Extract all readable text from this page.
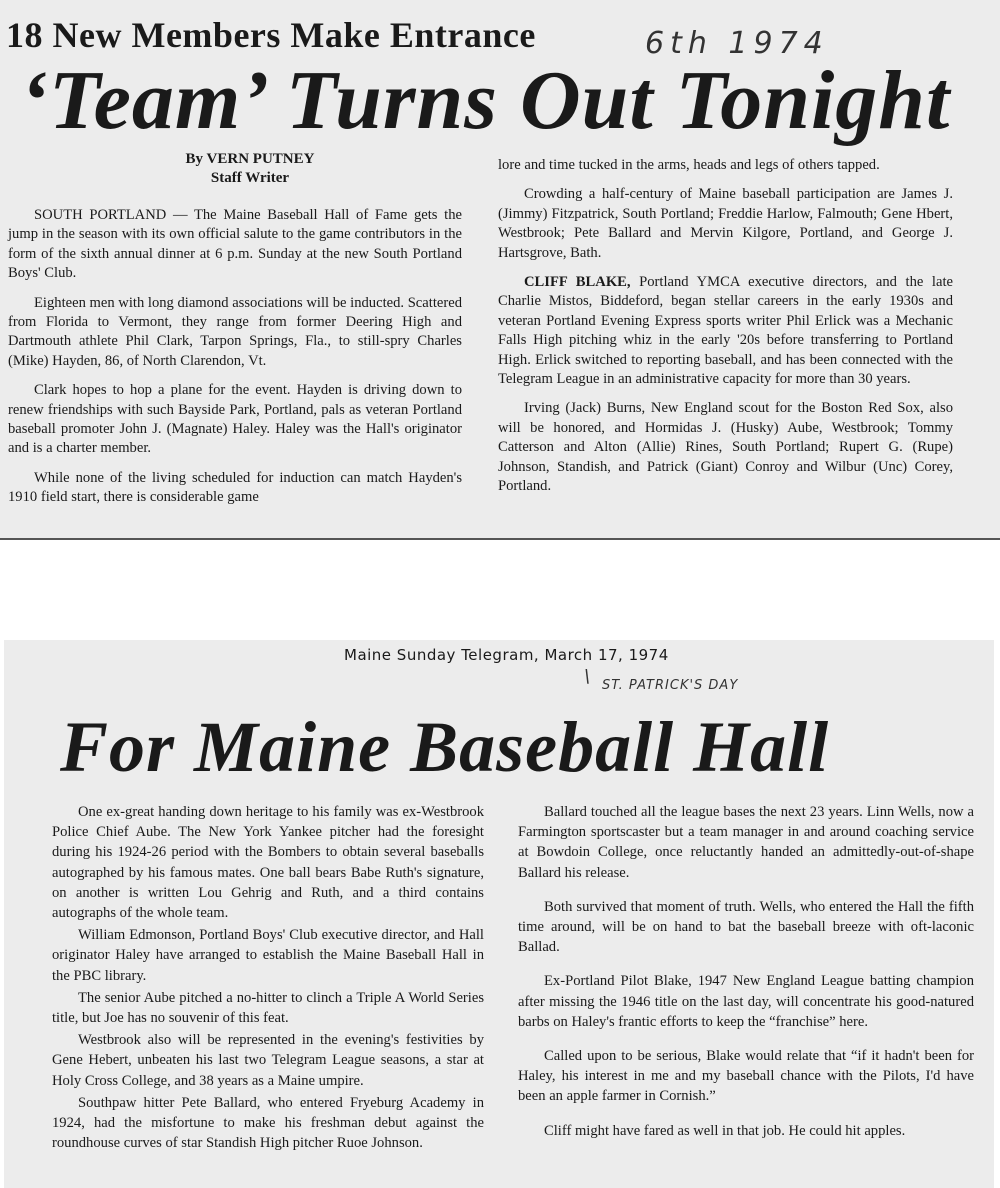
18 New Members Make Entrance	6th 1974
‘Team’ Turns Out Tonight
By VERN PUTNEY
Staff Writer

SOUTH PORTLAND — The Maine Baseball Hall of Fame gets the jump in the season with its own official salute to the game contributors in the form of the sixth annual dinner at 6 p.m. Sunday at the new South Portland Boys' Club.

Eighteen men with long diamond associations will be inducted. Scattered from Florida to Vermont, they range from former Deering High and Dartmouth athlete Phil Clark, Tarpon Springs, Fla., to still-spry Charles (Mike) Hayden, 86, of North Clarendon, Vt.

Clark hopes to hop a plane for the event. Hayden is driving down to renew friendships with such Bayside Park, Portland, pals as veteran Portland baseball promoter John J. (Magnate) Haley. Haley was the Hall's originator and is a charter member.

While none of the living scheduled for induction can match Hayden's 1910 field start, there is considerable game

lore and time tucked in the arms, heads and legs of others tapped.

Crowding a half-century of Maine baseball participation are James J. (Jimmy) Fitzpatrick, South Portland; Freddie Harlow, Falmouth; Gene Hbert, Westbrook; Pete Ballard and Mervin Kilgore, Portland, and George J. Hartsgrove, Bath.

CLIFF BLAKE, Portland YMCA executive directors, and the late Charlie Mistos, Biddeford, began stellar careers in the early 1930s and veteran Portland Evening Express sports writer Phil Erlick was a Mechanic Falls High pitching whiz in the early '20s before transferring to Portland High. Erlick switched to reporting baseball, and has been connected with the Telegram League in an administrative capacity for more than 30 years.

Irving (Jack) Burns, New England scout for the Boston Red Sox, also will be honored, and Hormidas J. (Husky) Aube, Westbrook; Tommy Catterson and Alton (Allie) Rines, South Portland; Rupert G. (Rupe) Johnson, Standish, and Patrick (Giant) Conroy and Wilbur (Unc) Corey, Portland.

Maine Sunday Telegram, March 17, 1974
\ ST. PATRICK'S DAY
For Maine Baseball Hall

One ex-great handing down heritage to his family was ex-Westbrook Police Chief Aube. The New York Yankee pitcher had the foresight during his 1924-26 period with the Bombers to obtain several baseballs autographed by his famous mates. One ball bears Babe Ruth's signature, on another is written Lou Gehrig and Ruth, and a third contains autographs of the whole team.

William Edmonson, Portland Boys' Club executive director, and Hall originator Haley have arranged to establish the Maine Baseball Hall in the PBC library.

The senior Aube pitched a no-hitter to clinch a Triple A World Series title, but Joe has no souvenir of this feat.

Westbrook also will be represented in the evening's festivities by Gene Hebert, unbeaten his last two Telegram League seasons, a star at Holy Cross College, and 38 years as a Maine umpire.

Southpaw hitter Pete Ballard, who entered Fryeburg Academy in 1924, had the misfortune to make his freshman debut against the roundhouse curves of star Standish High pitcher Ruoe Johnson.

Ballard touched all the league bases the next 23 years. Linn Wells, now a Farmington sportscaster but a team manager in and around coaching service at Bowdoin College, once reluctantly handed an admittedly-out-of-shape Ballard his release.

Both survived that moment of truth. Wells, who entered the Hall the fifth time around, will be on hand to bat the baseball breeze with oft-laconic Ballad.

Ex-Portland Pilot Blake, 1947 New England League batting champion after missing the 1946 title on the last day, will concentrate his good-natured barbs on Haley's frantic efforts to keep the “franchise” here.

Called upon to be serious, Blake would relate that “if it hadn't been for Haley, his interest in me and my baseball chance with the Pilots, I'd have been an apple farmer in Cornish.”

Cliff might have fared as well in that job. He could hit apples.
